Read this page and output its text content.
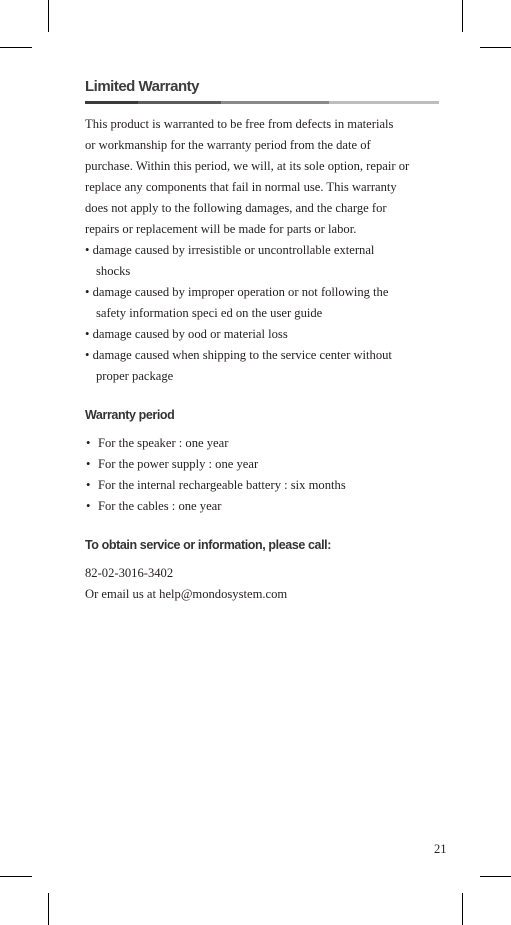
Limited Warranty

This product is warranted to be free from defects in materials

or workmanship for the warranty period from the date of

purchase. Within this period, we will, at its sole option, repair or

replace any components that fail in normal use. This warranty

does not apply to the following damages, and the charge for

repairs or replacement will be made for parts or labor.

• damage caused by irresistible or uncontrollable external
shocks
• damage caused by improper operation or not following the
safety information speci ed on the user guide
• damage caused by ood or material loss
• damage caused when shipping to the service center without
proper package
Warranty period
• For the speaker : one year
• For the power supply : one year
• For the internal rechargeable battery : six months
• For the cables : one year
To obtain service or information, please call:

82-02-3016-3402

Or email us at help@mondosystem.com

21
